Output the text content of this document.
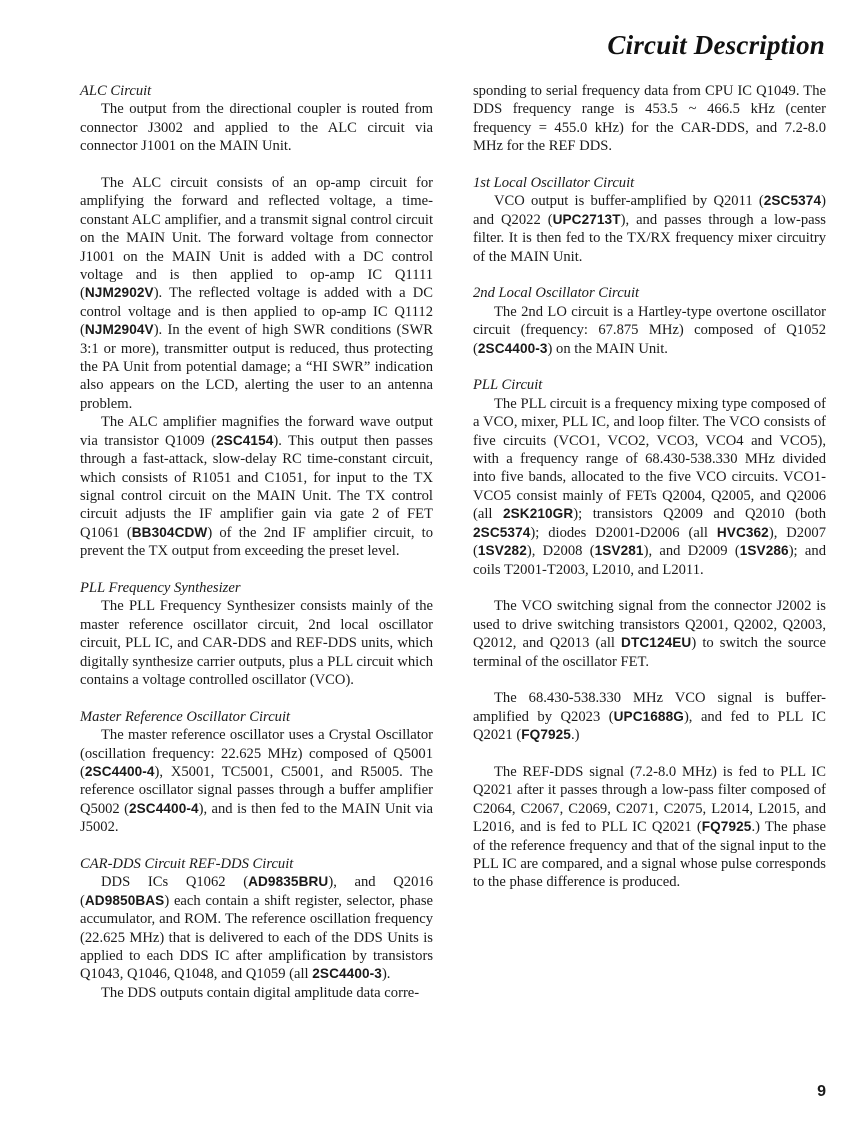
Circuit Description

ALC Circuit

The output from the directional coupler is routed from connector J3002 and applied to the ALC circuit via connector J1001 on the MAIN Unit.

The ALC circuit consists of an op-amp circuit for amplifying the forward and reflected voltage, a time-constant ALC amplifier, and a transmit signal control circuit on the MAIN Unit. The forward voltage from connector J1001 on the MAIN Unit is added with a DC control voltage and is then applied to op-amp IC Q1111 (NJM2902V). The reflected voltage is added with a DC control voltage and is then applied to op-amp IC Q1112 (NJM2904V). In the event of high SWR conditions (SWR 3:1 or more), transmitter output is reduced, thus protecting the PA Unit from potential damage; a “HI SWR” indication also appears on the LCD, alerting the user to an antenna problem.

The ALC amplifier magnifies the forward wave output via transistor Q1009 (2SC4154). This output then passes through a fast-attack, slow-delay RC time-constant circuit, which consists of R1051 and C1051, for input to the TX signal control circuit on the MAIN Unit. The TX control circuit adjusts the IF amplifier gain via gate 2 of FET Q1061 (BB304CDW) of the 2nd IF amplifier circuit, to prevent the TX output from exceeding the preset level.

PLL Frequency Synthesizer

The PLL Frequency Synthesizer consists mainly of the master reference oscillator circuit, 2nd local oscillator circuit, PLL IC, and CAR-DDS and REF-DDS units, which digitally synthesize carrier outputs, plus a PLL circuit which contains a voltage controlled oscillator (VCO).

Master Reference Oscillator Circuit

The master reference oscillator uses a Crystal Oscillator (oscillation frequency: 22.625 MHz) composed of Q5001 (2SC4400-4), X5001, TC5001, C5001, and R5005. The reference oscillator signal passes through a buffer amplifier Q5002 (2SC4400-4), and is then fed to the MAIN Unit via J5002.

CAR-DDS Circuit REF-DDS Circuit

DDS ICs Q1062 (AD9835BRU), and Q2016 (AD9850BAS) each contain a shift register, selector, phase accumulator, and ROM. The reference oscillation frequency (22.625 MHz) that is delivered to each of the DDS Units is applied to each DDS IC after amplification by transistors Q1043, Q1046, Q1048, and Q1059 (all 2SC4400-3).

The DDS outputs contain digital amplitude data corre-

sponding to serial frequency data from CPU IC Q1049. The DDS frequency range is 453.5 ~ 466.5 kHz (center frequency = 455.0 kHz) for the CAR-DDS, and 7.2-8.0 MHz for the REF DDS.

1st Local Oscillator Circuit

VCO output is buffer-amplified by Q2011 (2SC5374) and Q2022 (UPC2713T), and passes through a low-pass filter. It is then fed to the TX/RX frequency mixer circuitry of the MAIN Unit.

2nd Local Oscillator Circuit

The 2nd LO circuit is a Hartley-type overtone oscillator circuit (frequency: 67.875 MHz) composed of Q1052 (2SC4400-3) on the MAIN Unit.

PLL Circuit

The PLL circuit is a frequency mixing type composed of a VCO, mixer, PLL IC, and loop filter. The VCO consists of five circuits (VCO1, VCO2, VCO3, VCO4 and VCO5), with a frequency range of 68.430-538.330 MHz divided into five bands, allocated to the five VCO circuits. VCO1-VCO5 consist mainly of FETs Q2004, Q2005, and Q2006 (all 2SK210GR); transistors Q2009 and Q2010 (both 2SC5374); diodes D2001-D2006 (all HVC362), D2007 (1SV282), D2008 (1SV281), and D2009 (1SV286); and coils T2001-T2003, L2010, and L2011.

The VCO switching signal from the connector J2002 is used to drive switching transistors Q2001, Q2002, Q2003, Q2012, and Q2013 (all DTC124EU) to switch the source terminal of the oscillator FET.

The 68.430-538.330 MHz VCO signal is buffer-amplified by Q2023 (UPC1688G), and fed to PLL IC Q2021 (FQ7925.)

The REF-DDS signal (7.2-8.0 MHz) is fed to PLL IC Q2021 after it passes through a low-pass filter composed of C2064, C2067, C2069, C2071, C2075, L2014, L2015, and L2016, and is fed to PLL IC Q2021 (FQ7925.) The phase of the reference frequency and that of the signal input to the PLL IC are compared, and a signal whose pulse corresponds to the phase difference is produced.

9
